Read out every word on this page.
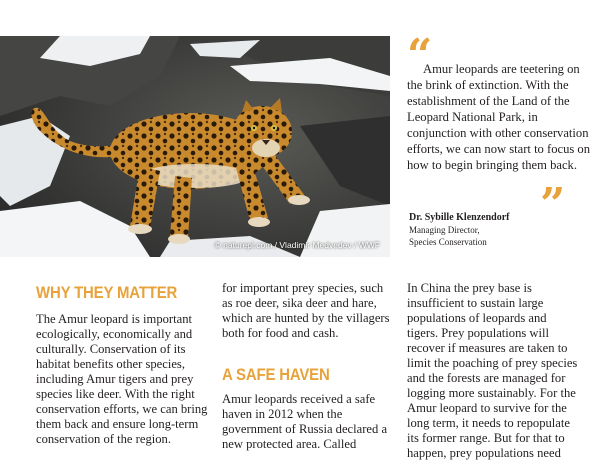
© naturepl.com / Vladimir Medvedev / WWF

“

Amur leopards are teetering on the brink of extinction. With the establishment of the Land of the Leopard National Park, in conjunction with other conservation efforts, we can now start to focus on how to begin bringing them back.

”

Dr. Sybille Klenzendorf

Managing Director,

Species Conservation

WHY THEY MATTER

The Amur leopard is important ecologically, economically and culturally. Conservation of its habitat benefits other species, including Amur tigers and prey species like deer. With the right conservation efforts, we can bring them back and ensure long-term conservation of the region.

for important prey species, such as roe deer, sika deer and hare, which are hunted by the villagers both for food and cash.

A SAFE HAVEN

Amur leopards received a safe haven in 2012 when the government of Russia declared a new protected area. Called

In China the prey base is insufficient to sustain large populations of leopards and tigers. Prey populations will recover if measures are taken to limit the poaching of prey species and the forests are managed for logging more sustainably. For the Amur leopard to survive for the long term, it needs to repopulate its former range. But for that to happen, prey populations need
